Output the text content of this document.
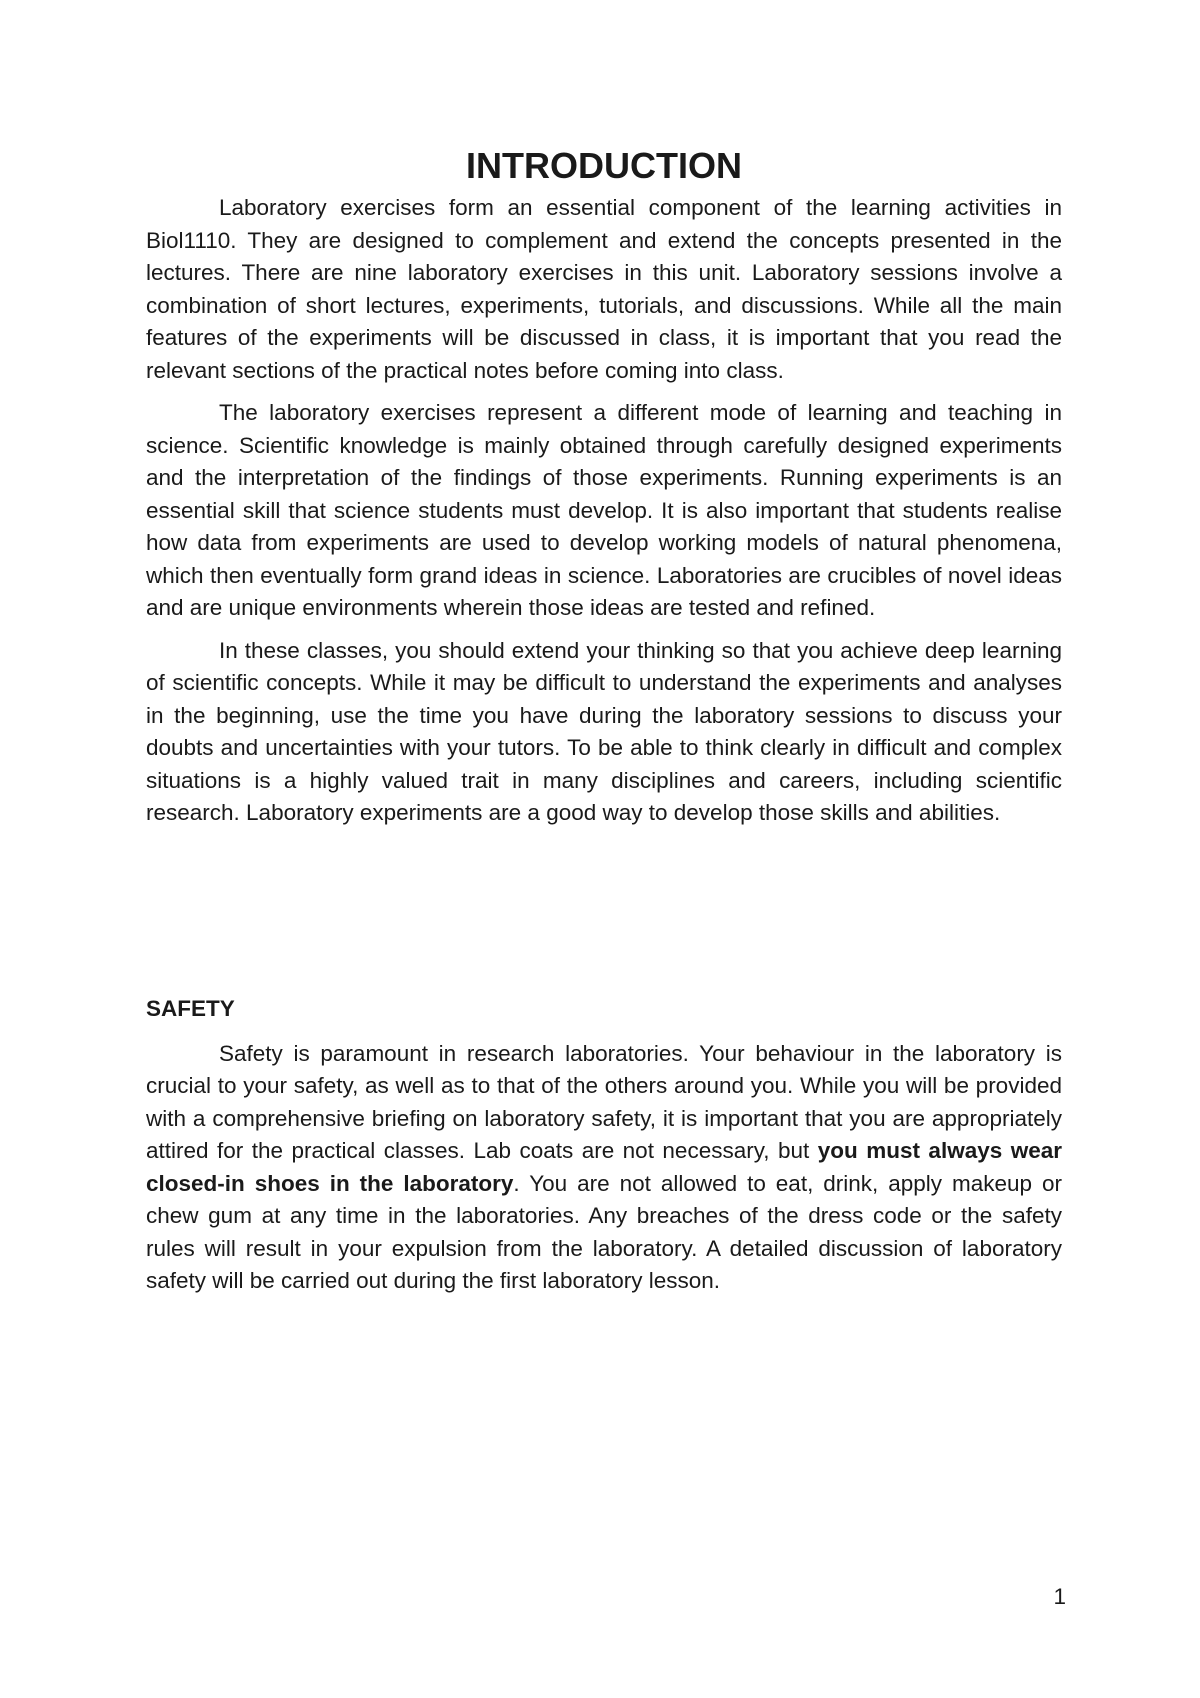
INTRODUCTION

Laboratory exercises form an essential component of the learning activities in Biol1110. They are designed to complement and extend the concepts presented in the lectures. There are nine laboratory exercises in this unit. Laboratory sessions involve a combination of short lectures, experiments, tutorials, and discussions. While all the main features of the experiments will be discussed in class, it is important that you read the relevant sections of the practical notes before coming into class.

The laboratory exercises represent a different mode of learning and teaching in science. Scientific knowledge is mainly obtained through carefully designed experiments and the interpretation of the findings of those experiments. Running experiments is an essential skill that science students must develop. It is also important that students realise how data from experiments are used to develop working models of natural phenomena, which then eventually form grand ideas in science. Laboratories are crucibles of novel ideas and are unique environments wherein those ideas are tested and refined.

In these classes, you should extend your thinking so that you achieve deep learning of scientific concepts. While it may be difficult to understand the experiments and analyses in the beginning, use the time you have during the laboratory sessions to discuss your doubts and uncertainties with your tutors. To be able to think clearly in difficult and complex situations is a highly valued trait in many disciplines and careers, including scientific research. Laboratory experiments are a good way to develop those skills and abilities.

SAFETY

Safety is paramount in research laboratories. Your behaviour in the laboratory is crucial to your safety, as well as to that of the others around you. While you will be provided with a comprehensive briefing on laboratory safety, it is important that you are appropriately attired for the practical classes. Lab coats are not necessary, but you must always wear closed-in shoes in the laboratory. You are not allowed to eat, drink, apply makeup or chew gum at any time in the laboratories. Any breaches of the dress code or the safety rules will result in your expulsion from the laboratory. A detailed discussion of laboratory safety will be carried out during the first laboratory lesson.

1
